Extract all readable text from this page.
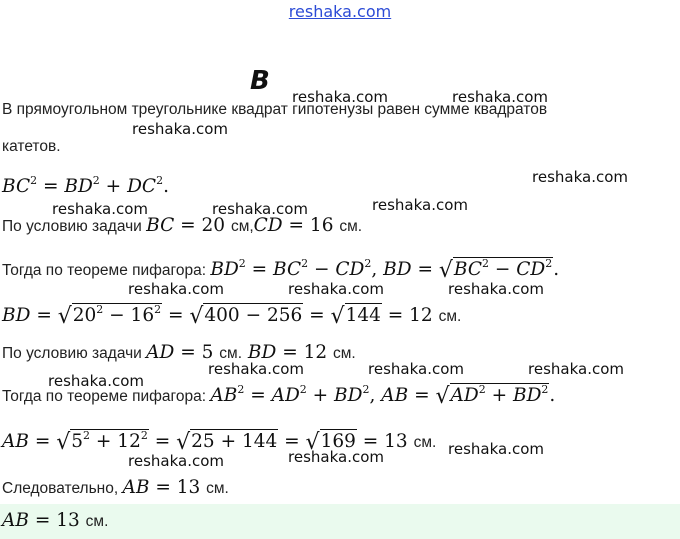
reshaka.com
В
В прямоугольном треугольнике квадрат гипотенузы равен сумме квадратов
катетов.
$BC^2 = BD^2 + DC^2$.
По условию задачи BC = 20 см,CD = 16 см.
Тогда по теореме пифагора: $BD^2 = BC^2 - CD^2$, BD = $√BC^2 - CD^2$.
BD = $√20^2 - 16^2 = √400 - 256 = √144 = 12$ см.
По условию задачи AD = 5 см. BD = 12 см.
Тогда по теореме пифагора: $AB^2 = AD^2 + BD^2$, AB = $√AD^2 + BD^2$.
AB = $√5^2 + 12^2 = √25 + 144 = √169 = 13$ см.
Следовательно, AB = 13 см.
AB = 13 см.
reshaka.com	reshaka.com
reshaka.com
reshaka.com
reshaka.com	reshaka.com	reshaka.com
reshaka.com	reshaka.com	reshaka.com
reshaka.com	reshaka.com	reshaka.com
reshaka.com
reshaka.com	reshaka.com	reshaka.com
